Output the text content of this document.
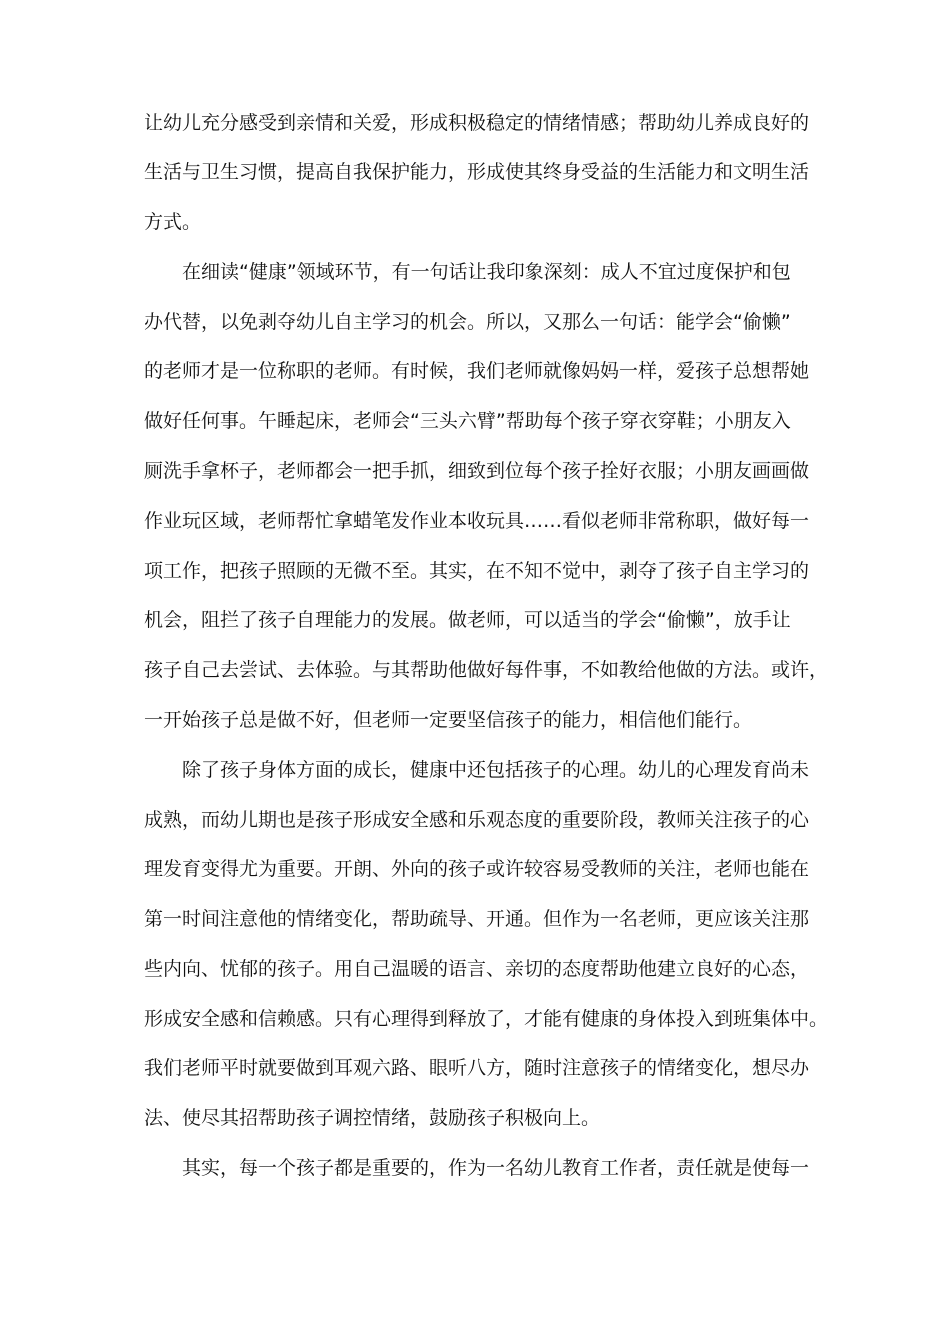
让幼儿充分感受到亲情和关爱，形成积极稳定的情绪情感；帮助幼儿养成良好的
生活与卫生习惯，提高自我保护能力，形成使其终身受益的生活能力和文明生活
方式。
在细读“健康”领域环节，有一句话让我印象深刻：成人不宜过度保护和包
办代替，以免剥夺幼儿自主学习的机会。所以，又那么一句话：能学会“偷懒”
的老师才是一位称职的老师。有时候，我们老师就像妈妈一样，爱孩子总想帮她
做好任何事。午睡起床，老师会“三头六臂”帮助每个孩子穿衣穿鞋；小朋友入
厕洗手拿杯子，老师都会一把手抓，细致到位每个孩子拴好衣服；小朋友画画做
作业玩区域，老师帮忙拿蜡笔发作业本收玩具……看似老师非常称职，做好每一
项工作，把孩子照顾的无微不至。其实，在不知不觉中，剥夺了孩子自主学习的
机会，阻拦了孩子自理能力的发展。做老师，可以适当的学会“偷懒”，放手让
孩子自己去尝试、去体验。与其帮助他做好每件事，不如教给他做的方法。或许，
一开始孩子总是做不好，但老师一定要坚信孩子的能力，相信他们能行。
除了孩子身体方面的成长，健康中还包括孩子的心理。幼儿的心理发育尚未
成熟，而幼儿期也是孩子形成安全感和乐观态度的重要阶段，教师关注孩子的心
理发育变得尤为重要。开朗、外向的孩子或许较容易受教师的关注，老师也能在
第一时间注意他的情绪变化，帮助疏导、开通。但作为一名老师，更应该关注那
些内向、忧郁的孩子。用自己温暖的语言、亲切的态度帮助他建立良好的心态，
形成安全感和信赖感。只有心理得到释放了，才能有健康的身体投入到班集体中。
我们老师平时就要做到耳观六路、眼听八方，随时注意孩子的情绪变化，想尽办
法、使尽其招帮助孩子调控情绪，鼓励孩子积极向上。
其实，每一个孩子都是重要的，作为一名幼儿教育工作者，责任就是使每一
